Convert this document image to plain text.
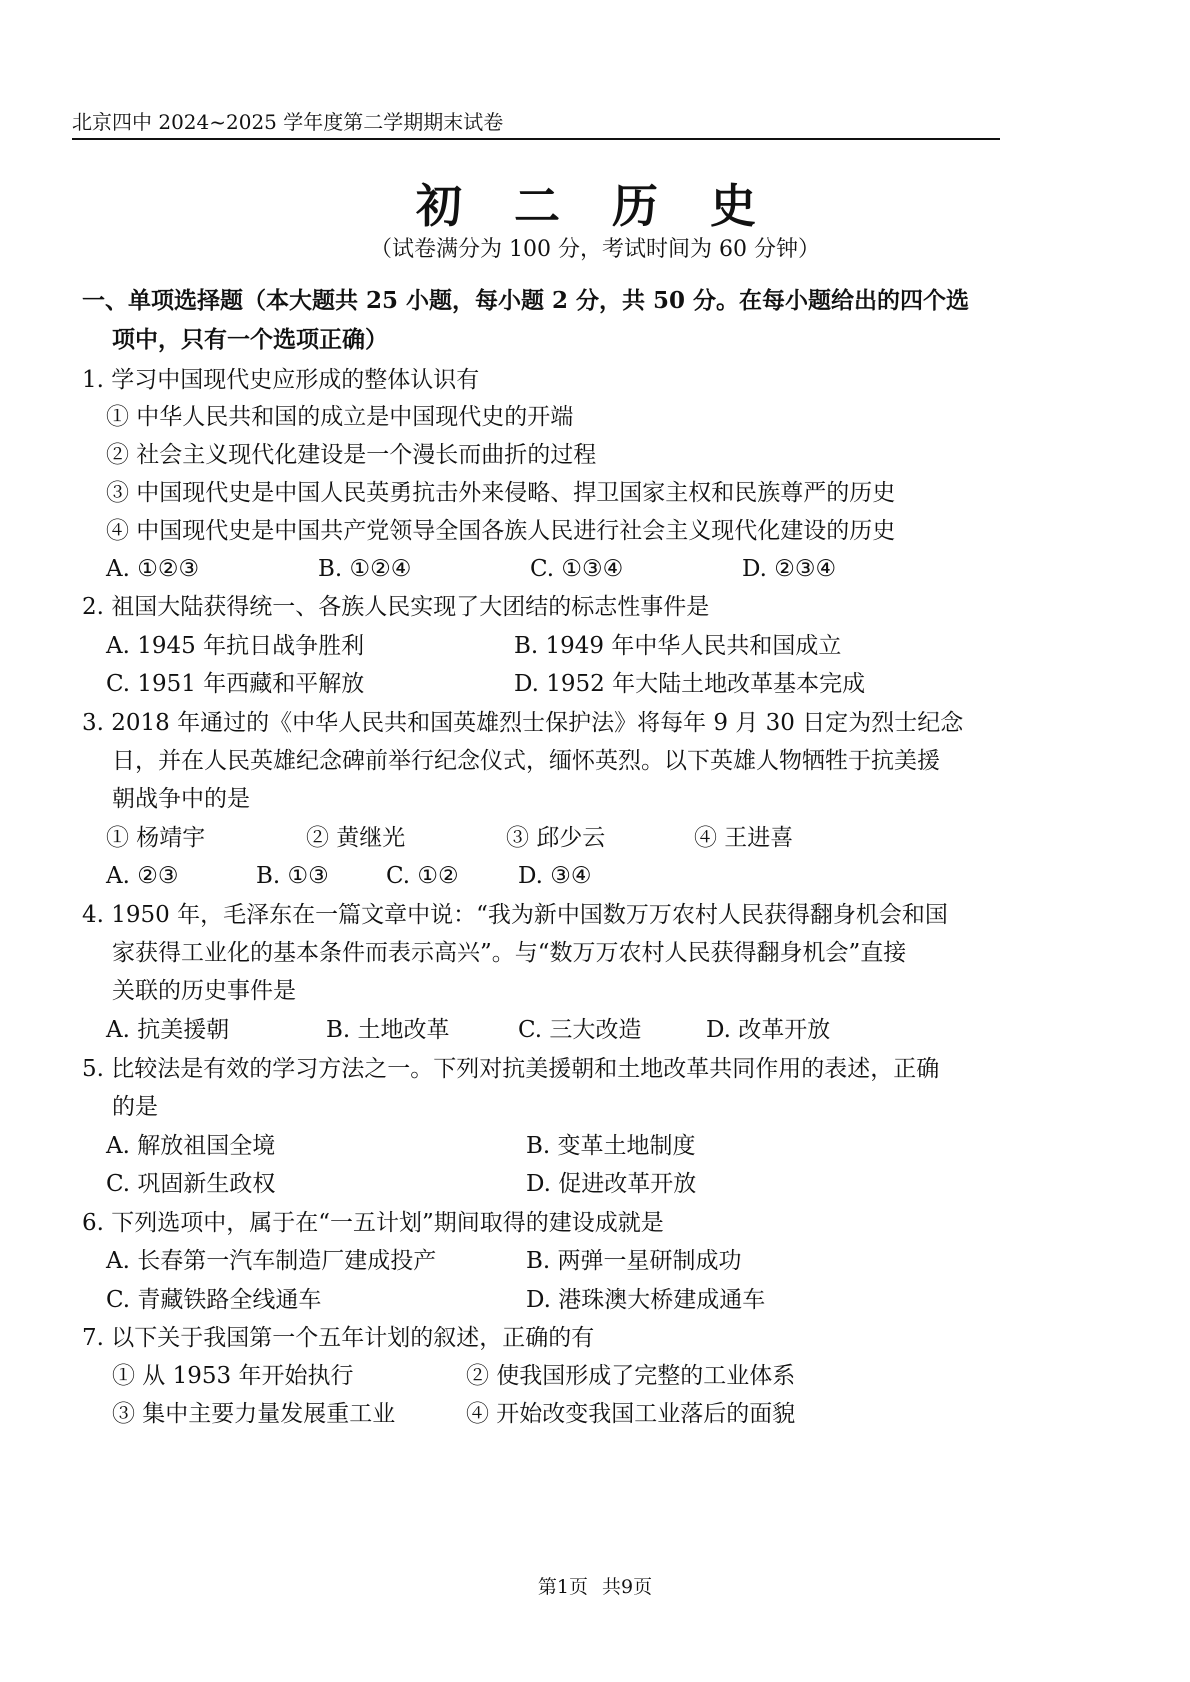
北京四中 2024~2025 学年度第二学期期末试卷
初 二 历 史
（试卷满分为 100 分，考试时间为 60 分钟）
一、单项选择题（本大题共 25 小题，每小题 2 分，共 50 分。在每小题给出的四个选
项中，只有一个选项正确）
1. 学习中国现代史应形成的整体认识有
① 中华人民共和国的成立是中国现代史的开端
② 社会主义现代化建设是一个漫长而曲折的过程
③ 中国现代史是中国人民英勇抗击外来侵略、捍卫国家主权和民族尊严的历史
④ 中国现代史是中国共产党领导全国各族人民进行社会主义现代化建设的历史
A. ①②③	B. ①②④	C. ①③④	D. ②③④
2. 祖国大陆获得统一、各族人民实现了大团结的标志性事件是
A. 1945 年抗日战争胜利	B. 1949 年中华人民共和国成立
C. 1951 年西藏和平解放	D. 1952 年大陆土地改革基本完成
3. 2018 年通过的《中华人民共和国英雄烈士保护法》将每年 9 月 30 日定为烈士纪念
日，并在人民英雄纪念碑前举行纪念仪式，缅怀英烈。以下英雄人物牺牲于抗美援
朝战争中的是
① 杨靖宇	② 黄继光	③ 邱少云	④ 王进喜
A. ②③	B. ①③ C. ①②	D. ③④
4. 1950 年，毛泽东在一篇文章中说：“我为新中国数万万农村人民获得翻身机会和国
家获得工业化的基本条件而表示高兴”。与“数万万农村人民获得翻身机会”直接
关联的历史事件是
A. 抗美援朝	B. 土地改革	C. 三大改造	D. 改革开放
5. 比较法是有效的学习方法之一。下列对抗美援朝和土地改革共同作用的表述，正确
的是
A. 解放祖国全境	B. 变革土地制度
C. 巩固新生政权	D. 促进改革开放
6. 下列选项中，属于在“一五计划”期间取得的建设成就是
A. 长春第一汽车制造厂建成投产	B. 两弹一星研制成功
C. 青藏铁路全线通车	D. 港珠澳大桥建成通车
7. 以下关于我国第一个五年计划的叙述，正确的有
① 从 1953 年开始执行	② 使我国形成了完整的工业体系
③ 集中主要力量发展重工业	④ 开始改变我国工业落后的面貌
第1页 共9页
